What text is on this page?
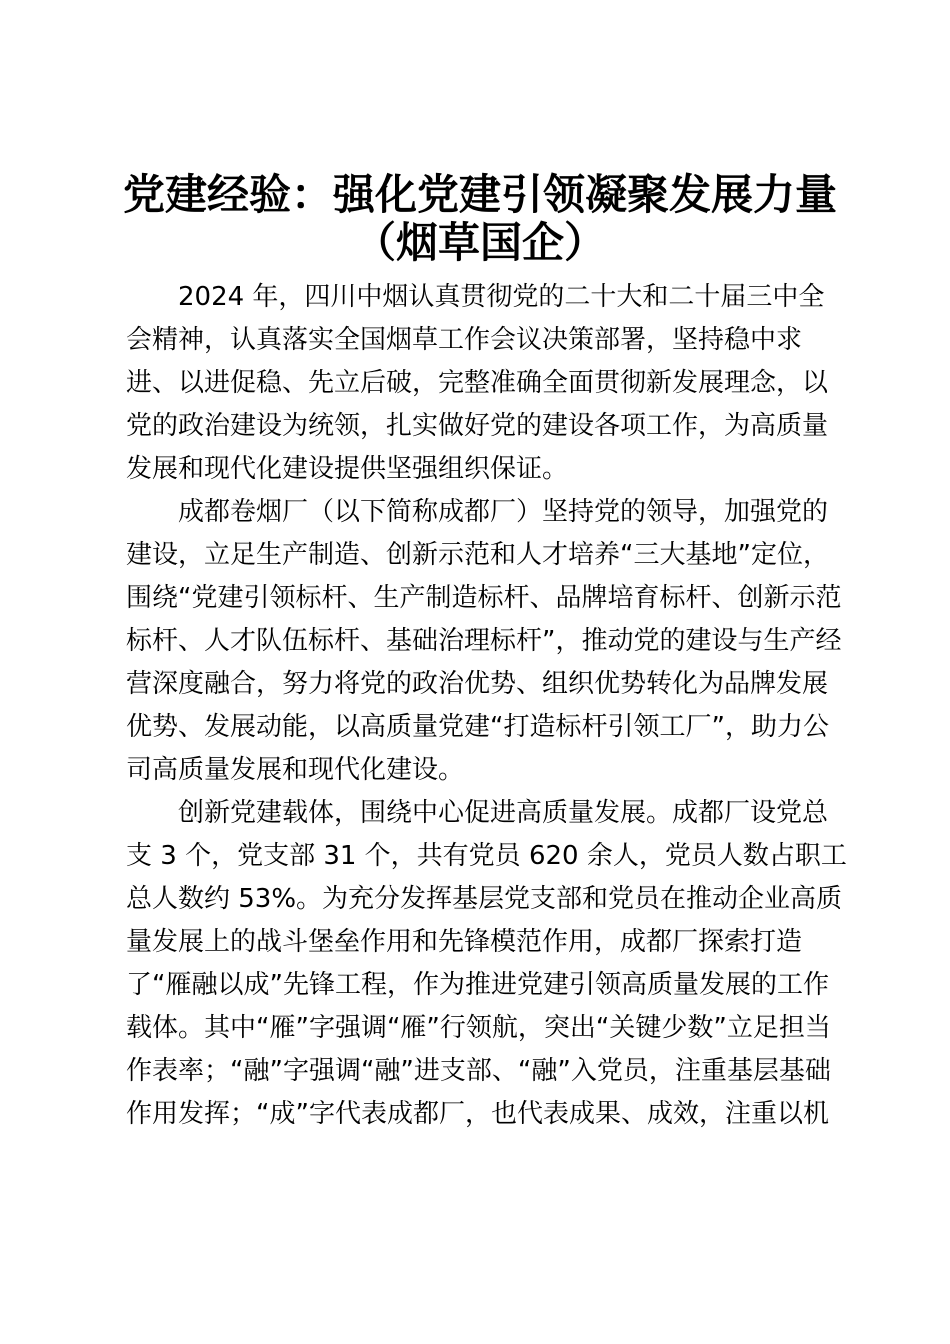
党建经验：强化党建引领凝聚发展力量
（烟草国企）
2024 年，四川中烟认真贯彻党的二十大和二十届三中全
会精神，认真落实全国烟草工作会议决策部署，坚持稳中求
进、以进促稳、先立后破，完整准确全面贯彻新发展理念，以
党的政治建设为统领，扎实做好党的建设各项工作，为高质量
发展和现代化建设提供坚强组织保证。
成都卷烟厂（以下简称成都厂）坚持党的领导，加强党的
建设，立足生产制造、创新示范和人才培养“三大基地”定位，
围绕“党建引领标杆、生产制造标杆、品牌培育标杆、创新示范
标杆、人才队伍标杆、基础治理标杆”，推动党的建设与生产经
营深度融合，努力将党的政治优势、组织优势转化为品牌发展
优势、发展动能，以高质量党建“打造标杆引领工厂”，助力公
司高质量发展和现代化建设。
创新党建载体，围绕中心促进高质量发展。成都厂设党总
支 3 个，党支部 31 个，共有党员 620 余人，党员人数占职工
总人数约 53%。为充分发挥基层党支部和党员在推动企业高质
量发展上的战斗堡垒作用和先锋模范作用，成都厂探索打造
了“雁融以成”先锋工程，作为推进党建引领高质量发展的工作
载体。其中“雁”字强调“雁”行领航，突出“关键少数”立足担当
作表率；“融”字强调“融”进支部、“融”入党员，注重基层基础
作用发挥；“成”字代表成都厂，也代表成果、成效，注重以机
